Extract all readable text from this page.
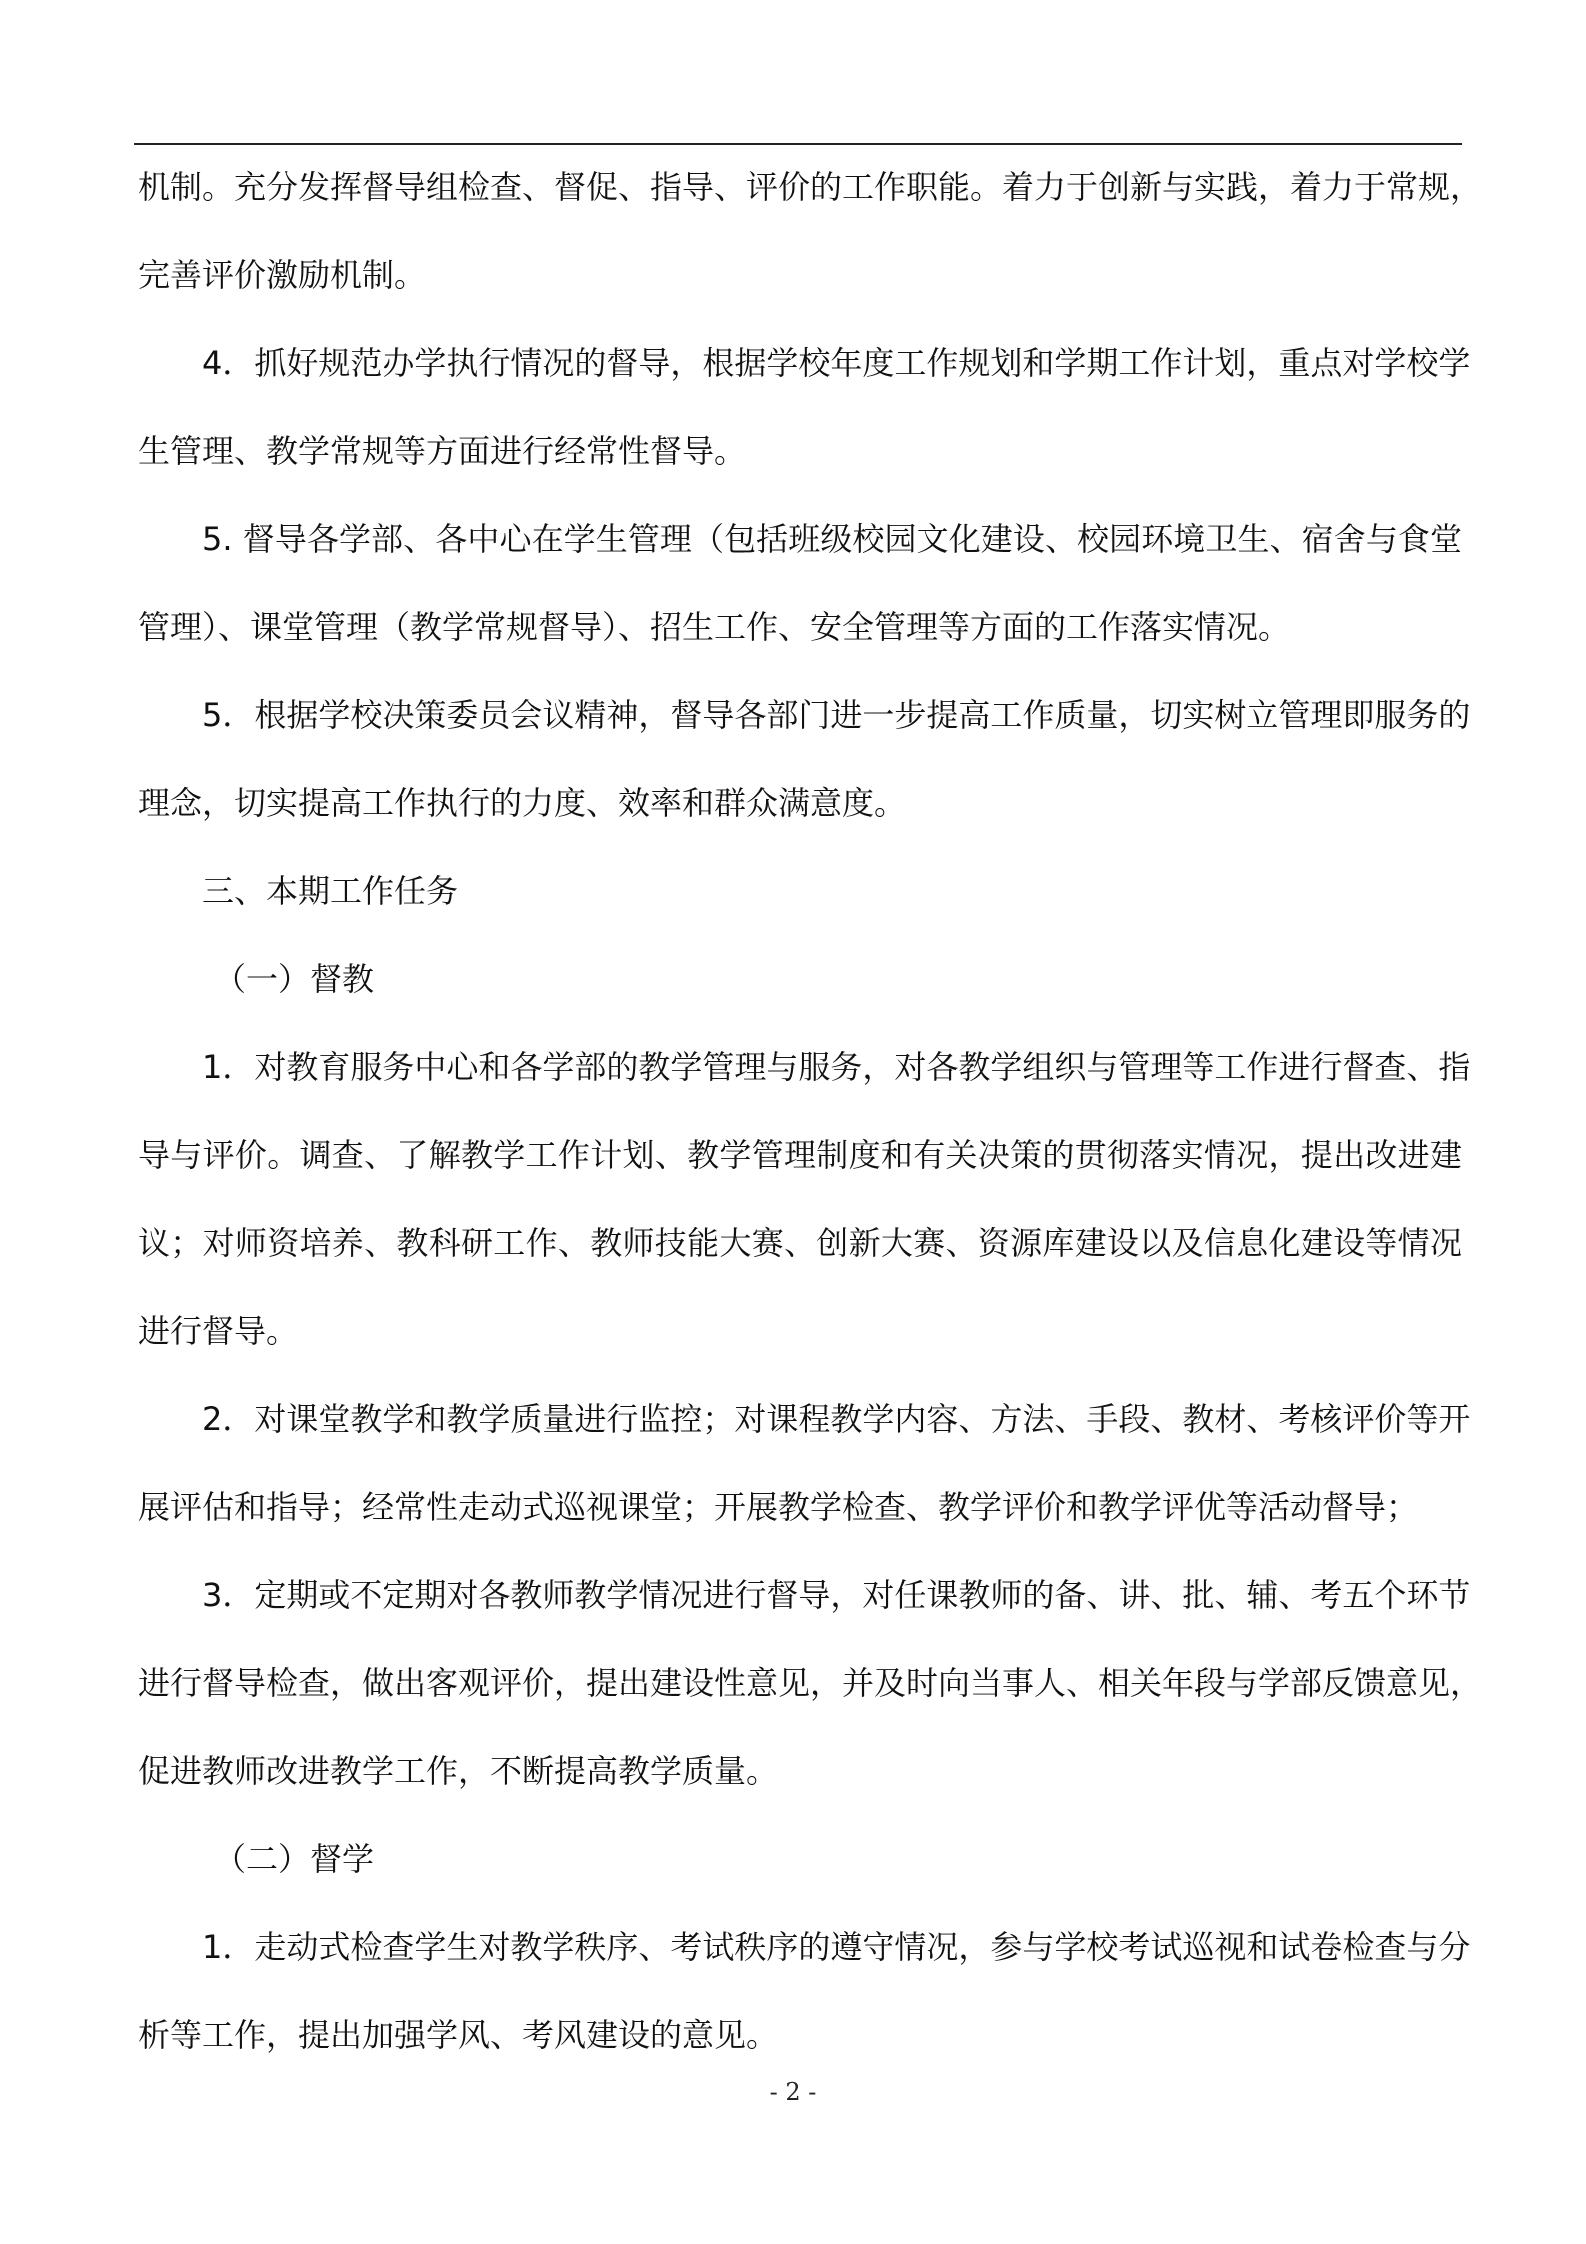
机制。充分发挥督导组检查、督促、指导、评价的工作职能。着力于创新与实践，着力于常规，
完善评价激励机制。
4．抓好规范办学执行情况的督导，根据学校年度工作规划和学期工作计划，重点对学校学
生管理、教学常规等方面进行经常性督导。
5. 督导各学部、各中心在学生管理（包括班级校园文化建设、校园环境卫生、宿舍与食堂
管理）、课堂管理（教学常规督导）、招生工作、安全管理等方面的工作落实情况。
5．根据学校决策委员会议精神，督导各部门进一步提高工作质量，切实树立管理即服务的
理念，切实提高工作执行的力度、效率和群众满意度。
三、本期工作任务
（一）督教
1．对教育服务中心和各学部的教学管理与服务，对各教学组织与管理等工作进行督查、指
导与评价。调查、了解教学工作计划、教学管理制度和有关决策的贯彻落实情况，提出改进建
议；对师资培养、教科研工作、教师技能大赛、创新大赛、资源库建设以及信息化建设等情况
进行督导。
2．对课堂教学和教学质量进行监控；对课程教学内容、方法、手段、教材、考核评价等开
展评估和指导；经常性走动式巡视课堂；开展教学检查、教学评价和教学评优等活动督导；
3．定期或不定期对各教师教学情况进行督导，对任课教师的备、讲、批、辅、考五个环节
进行督导检查，做出客观评价，提出建设性意见，并及时向当事人、相关年段与学部反馈意见，
促进教师改进教学工作，不断提高教学质量。
（二）督学
1．走动式检查学生对教学秩序、考试秩序的遵守情况，参与学校考试巡视和试卷检查与分
析等工作，提出加强学风、考风建设的意见。
- 2 -
